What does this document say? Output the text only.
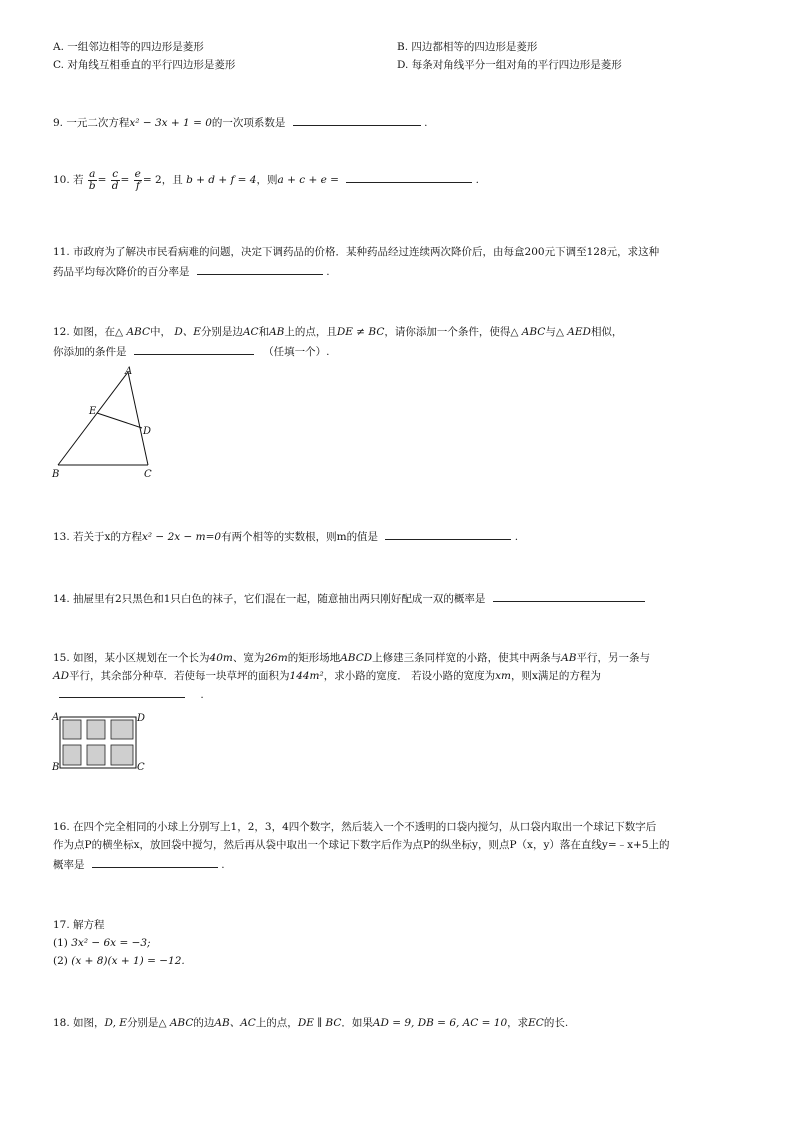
A. 一组邻边相等的四边形是菱形	B. 四边都相等的四边形是菱形
C. 对角线互相垂直的平行四边形是菱形	D. 每条对角线平分一组对角的平行四边形是菱形
9. 一元二次方程x² − 3x + 1 = 0的一次项系数是	.
10. 若 $\frac{a}{b} = \frac{c}{d} = \frac{e}{f} = 2$，且 b + d + f = 4，则a + c + e =	.
11. 市政府为了解决市民看病难的问题，决定下调药品的价格．某种药品经过连续两次降价后，由每盒200元下调至128元，求这种
药品平均每次降价的百分率是	.
12. 如图，在△ ABC中， D、E分别是边AC和AB上的点，且DE ≠ BC，请你添加一个条件，使得△ ABC与△ AED相似，
你添加的条件是	（任填一个）.
A
E
D
B	C
13. 若关于x的方程x² − 2x − m=0有两个相等的实数根，则m的值是	.
14. 抽屉里有2只黑色和1只白色的袜子，它们混在一起，随意抽出两只刚好配成一双的概率是
15. 如图，某小区规划在一个长为40m、宽为26m的矩形场地ABCD上修建三条同样宽的小路，使其中两条与AB平行，另一条与
AD平行，其余部分种草．若使每一块草坪的面积为144m²，求小路的宽度． 若设小路的宽度为xm，则x满足的方程为
.
A	D
B	C
16. 在四个完全相同的小球上分别写上1，2，3，4四个数字，然后装入一个不透明的口袋内搅匀，从口袋内取出一个球记下数字后
作为点P的横坐标x，放回袋中搅匀，然后再从袋中取出一个球记下数字后作为点P的纵坐标y，则点P（x，y）落在直线y=﹣x+5上的
概率是	.
17. 解方程
(1) 3x² − 6x = −3;
(2) (x + 8)(x + 1) = −12.
18. 如图，D, E分别是△ ABC的边AB、AC上的点，DE ∥ BC．如果AD = 9, DB = 6, AC = 10，求EC的长.
